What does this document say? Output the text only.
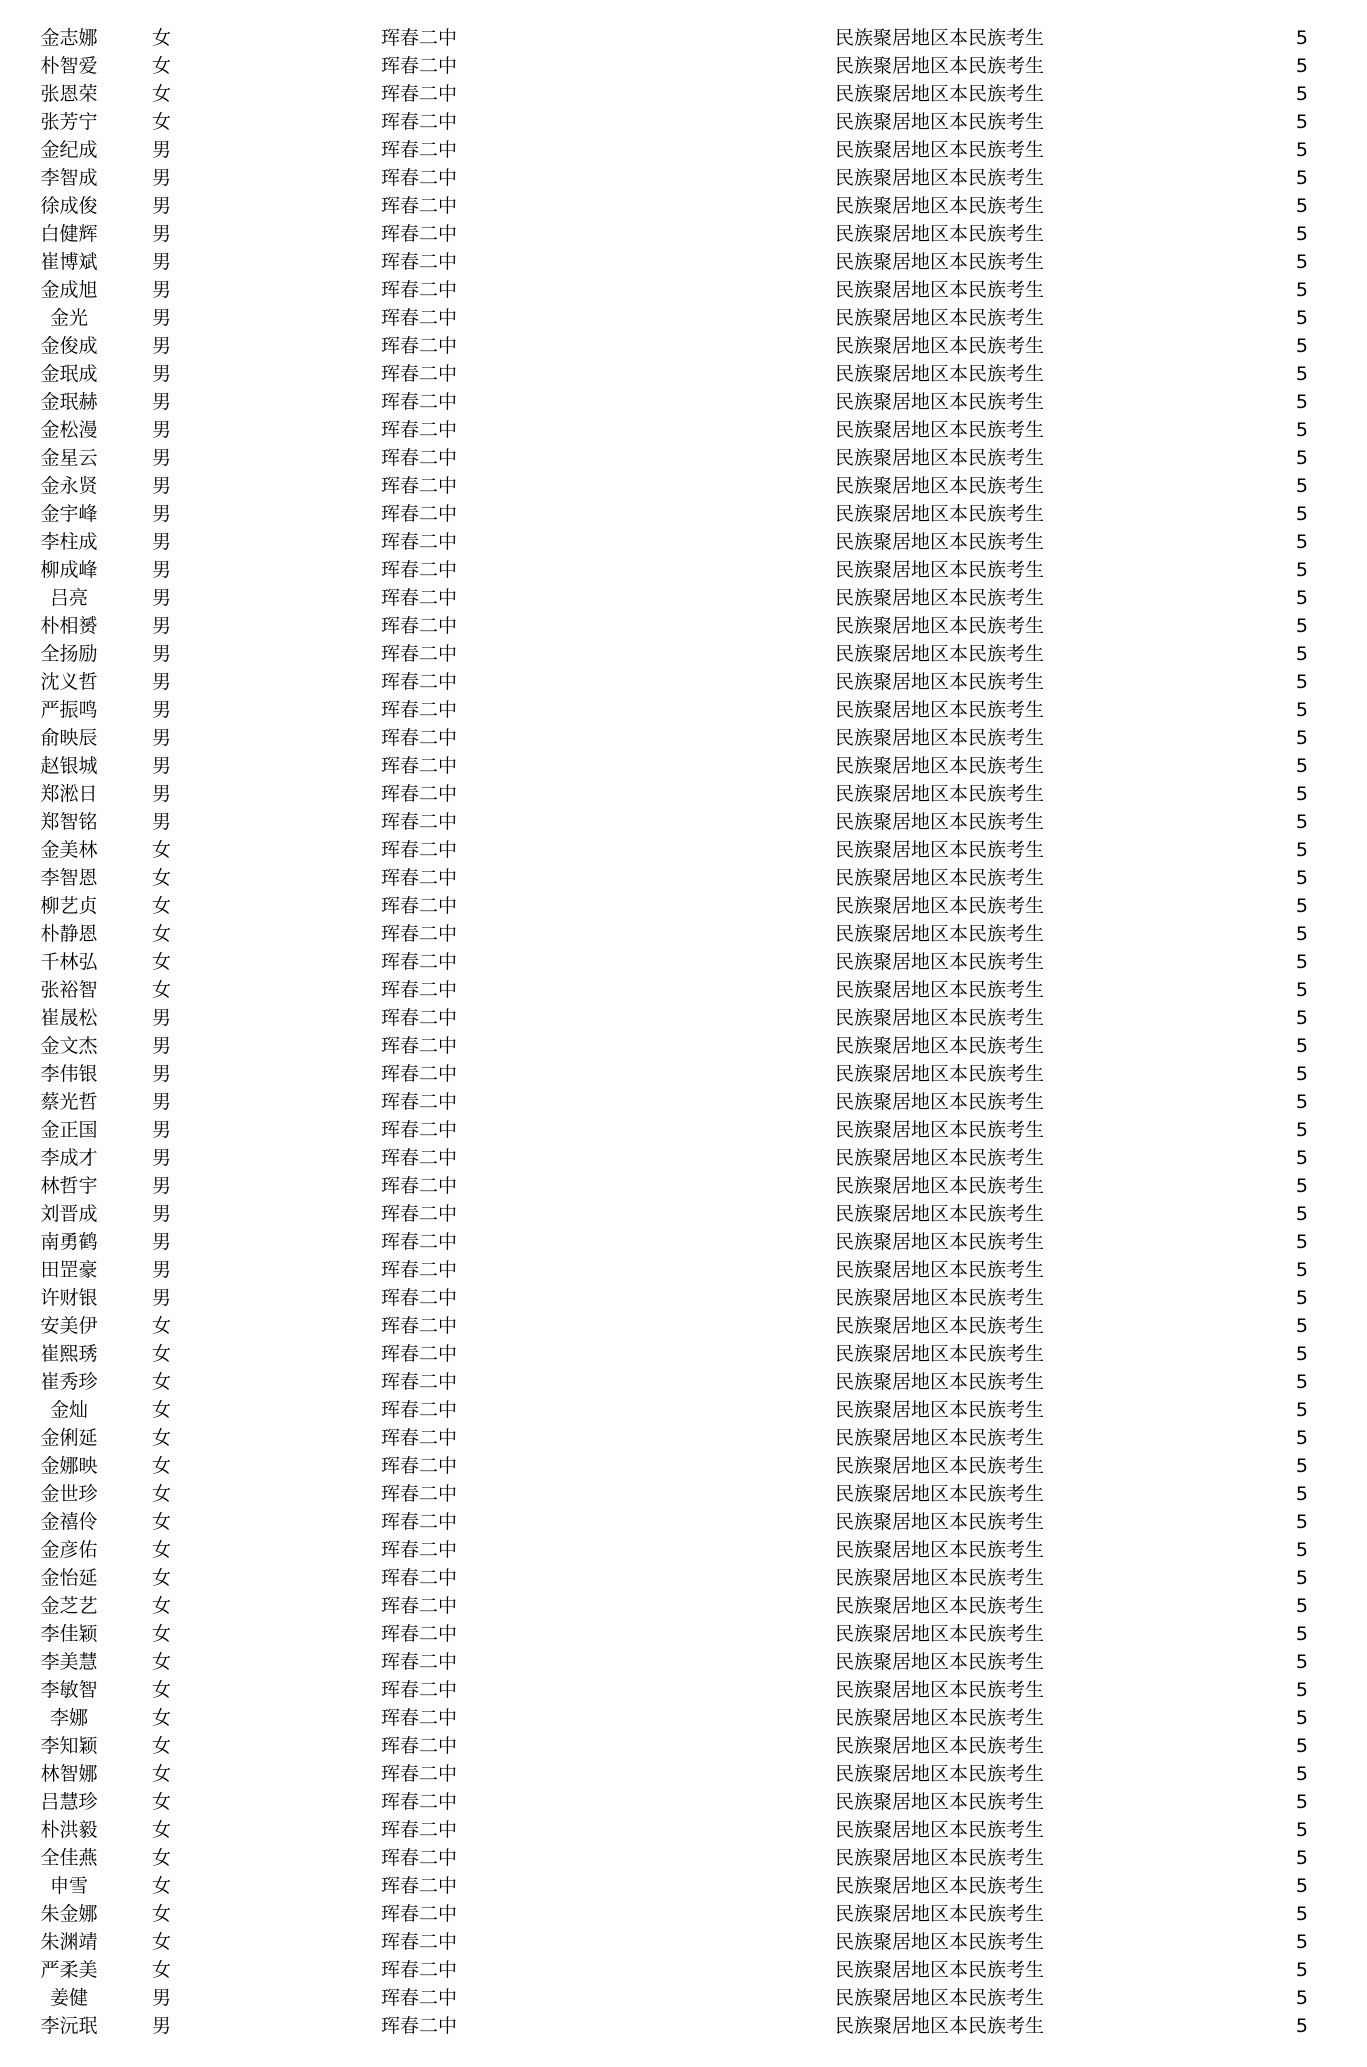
金志娜	女	珲春二中	民族聚居地区本民族考生	5
朴智爱	女	珲春二中	民族聚居地区本民族考生	5
张恩荣	女	珲春二中	民族聚居地区本民族考生	5
张芳宁	女	珲春二中	民族聚居地区本民族考生	5
金纪成	男	珲春二中	民族聚居地区本民族考生	5
李智成	男	珲春二中	民族聚居地区本民族考生	5
徐成俊	男	珲春二中	民族聚居地区本民族考生	5
白健辉	男	珲春二中	民族聚居地区本民族考生	5
崔博斌	男	珲春二中	民族聚居地区本民族考生	5
金成旭	男	珲春二中	民族聚居地区本民族考生	5
金光	男	珲春二中	民族聚居地区本民族考生	5
金俊成	男	珲春二中	民族聚居地区本民族考生	5
金珉成	男	珲春二中	民族聚居地区本民族考生	5
金珉赫	男	珲春二中	民族聚居地区本民族考生	5
金松漫	男	珲春二中	民族聚居地区本民族考生	5
金星云	男	珲春二中	民族聚居地区本民族考生	5
金永贤	男	珲春二中	民族聚居地区本民族考生	5
金宇峰	男	珲春二中	民族聚居地区本民族考生	5
李柱成	男	珲春二中	民族聚居地区本民族考生	5
柳成峰	男	珲春二中	民族聚居地区本民族考生	5
吕亮	男	珲春二中	民族聚居地区本民族考生	5
朴相赟	男	珲春二中	民族聚居地区本民族考生	5
全扬励	男	珲春二中	民族聚居地区本民族考生	5
沈义哲	男	珲春二中	民族聚居地区本民族考生	5
严振鸣	男	珲春二中	民族聚居地区本民族考生	5
俞映辰	男	珲春二中	民族聚居地区本民族考生	5
赵银城	男	珲春二中	民族聚居地区本民族考生	5
郑淞日	男	珲春二中	民族聚居地区本民族考生	5
郑智铭	男	珲春二中	民族聚居地区本民族考生	5
金美林	女	珲春二中	民族聚居地区本民族考生	5
李智恩	女	珲春二中	民族聚居地区本民族考生	5
柳艺贞	女	珲春二中	民族聚居地区本民族考生	5
朴静恩	女	珲春二中	民族聚居地区本民族考生	5
千林弘	女	珲春二中	民族聚居地区本民族考生	5
张裕智	女	珲春二中	民族聚居地区本民族考生	5
崔晟松	男	珲春二中	民族聚居地区本民族考生	5
金文杰	男	珲春二中	民族聚居地区本民族考生	5
李伟银	男	珲春二中	民族聚居地区本民族考生	5
蔡光哲	男	珲春二中	民族聚居地区本民族考生	5
金正国	男	珲春二中	民族聚居地区本民族考生	5
李成才	男	珲春二中	民族聚居地区本民族考生	5
林哲宇	男	珲春二中	民族聚居地区本民族考生	5
刘晋成	男	珲春二中	民族聚居地区本民族考生	5
南勇鹤	男	珲春二中	民族聚居地区本民族考生	5
田罡豪	男	珲春二中	民族聚居地区本民族考生	5
许财银	男	珲春二中	民族聚居地区本民族考生	5
安美伊	女	珲春二中	民族聚居地区本民族考生	5
崔熙琇	女	珲春二中	民族聚居地区本民族考生	5
崔秀珍	女	珲春二中	民族聚居地区本民族考生	5
金灿	女	珲春二中	民族聚居地区本民族考生	5
金俐延	女	珲春二中	民族聚居地区本民族考生	5
金娜映	女	珲春二中	民族聚居地区本民族考生	5
金世珍	女	珲春二中	民族聚居地区本民族考生	5
金禧伶	女	珲春二中	民族聚居地区本民族考生	5
金彦佑	女	珲春二中	民族聚居地区本民族考生	5
金怡延	女	珲春二中	民族聚居地区本民族考生	5
金芝艺	女	珲春二中	民族聚居地区本民族考生	5
李佳颖	女	珲春二中	民族聚居地区本民族考生	5
李美慧	女	珲春二中	民族聚居地区本民族考生	5
李敏智	女	珲春二中	民族聚居地区本民族考生	5
李娜	女	珲春二中	民族聚居地区本民族考生	5
李知颖	女	珲春二中	民族聚居地区本民族考生	5
林智娜	女	珲春二中	民族聚居地区本民族考生	5
吕慧珍	女	珲春二中	民族聚居地区本民族考生	5
朴洪毅	女	珲春二中	民族聚居地区本民族考生	5
全佳燕	女	珲春二中	民族聚居地区本民族考生	5
申雪	女	珲春二中	民族聚居地区本民族考生	5
朱金娜	女	珲春二中	民族聚居地区本民族考生	5
朱渊靖	女	珲春二中	民族聚居地区本民族考生	5
严柔美	女	珲春二中	民族聚居地区本民族考生	5
姜健	男	珲春二中	民族聚居地区本民族考生	5
李沅珉	男	珲春二中	民族聚居地区本民族考生	5
